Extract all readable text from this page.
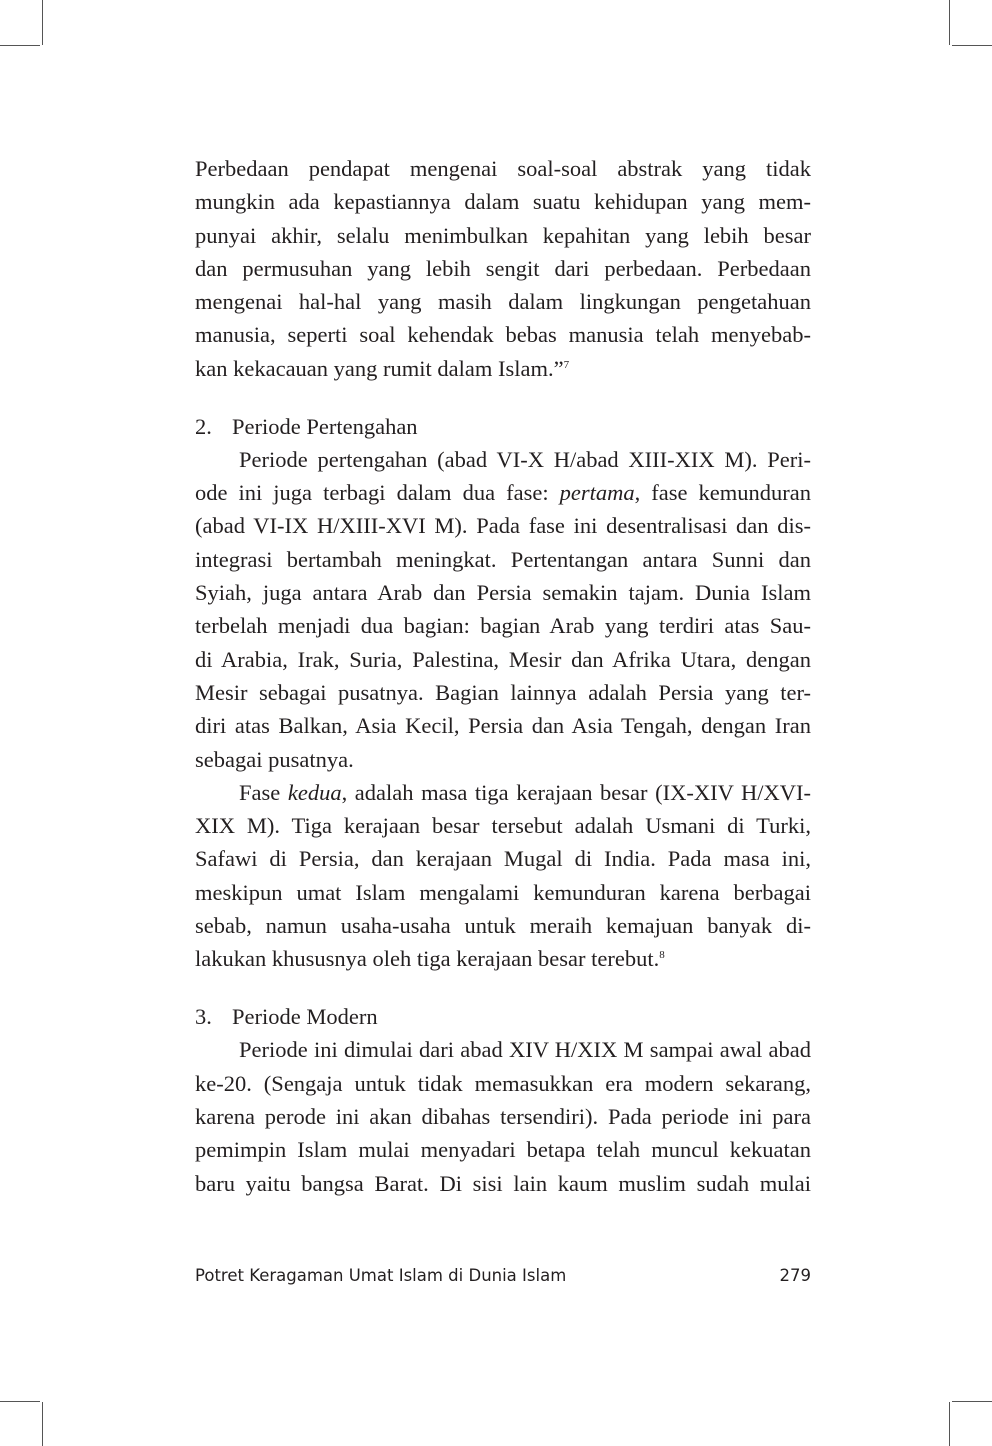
Perbedaan pendapat mengenai soal-soal abstrak yang tidak
mungkin ada kepastiannya dalam suatu kehidupan yang mem-
punyai akhir, selalu menimbulkan kepahitan yang lebih besar
dan permusuhan yang lebih sengit dari perbedaan. Perbedaan
mengenai hal-hal yang masih dalam lingkungan pengetahuan
manusia, seperti soal kehendak bebas manusia telah menyebab-
kan kekacauan yang rumit dalam Islam.”$^7$
2. Periode Pertengahan
Periode pertengahan (abad VI-X H/abad XIII-XIX M). Peri-
ode ini juga terbagi dalam dua fase: pertama, fase kemunduran
(abad VI-IX H/XIII-XVI M). Pada fase ini desentralisasi dan dis-
integrasi bertambah meningkat. Pertentangan antara Sunni dan
Syiah, juga antara Arab dan Persia semakin tajam. Dunia Islam
terbelah menjadi dua bagian: bagian Arab yang terdiri atas Sau-
di Arabia, Irak, Suria, Palestina, Mesir dan Afrika Utara, dengan
Mesir sebagai pusatnya. Bagian lainnya adalah Persia yang ter-
diri atas Balkan, Asia Kecil, Persia dan Asia Tengah, dengan Iran
sebagai pusatnya.
Fase kedua, adalah masa tiga kerajaan besar (IX-XIV H/XVI-
XIX M). Tiga kerajaan besar tersebut adalah Usmani di Turki,
Safawi di Persia, dan kerajaan Mugal di India. Pada masa ini,
meskipun umat Islam mengalami kemunduran karena berbagai
sebab, namun usaha-usaha untuk meraih kemajuan banyak di-
lakukan khususnya oleh tiga kerajaan besar terebut.$^8$
3. Periode Modern
Periode ini dimulai dari abad XIV H/XIX M sampai awal abad
ke-20. (Sengaja untuk tidak memasukkan era modern sekarang,
karena perode ini akan dibahas tersendiri). Pada periode ini para
pemimpin Islam mulai menyadari betapa telah muncul kekuatan
baru yaitu bangsa Barat. Di sisi lain kaum muslim sudah mulai
Potret Keragaman Umat Islam di Dunia Islam	279
